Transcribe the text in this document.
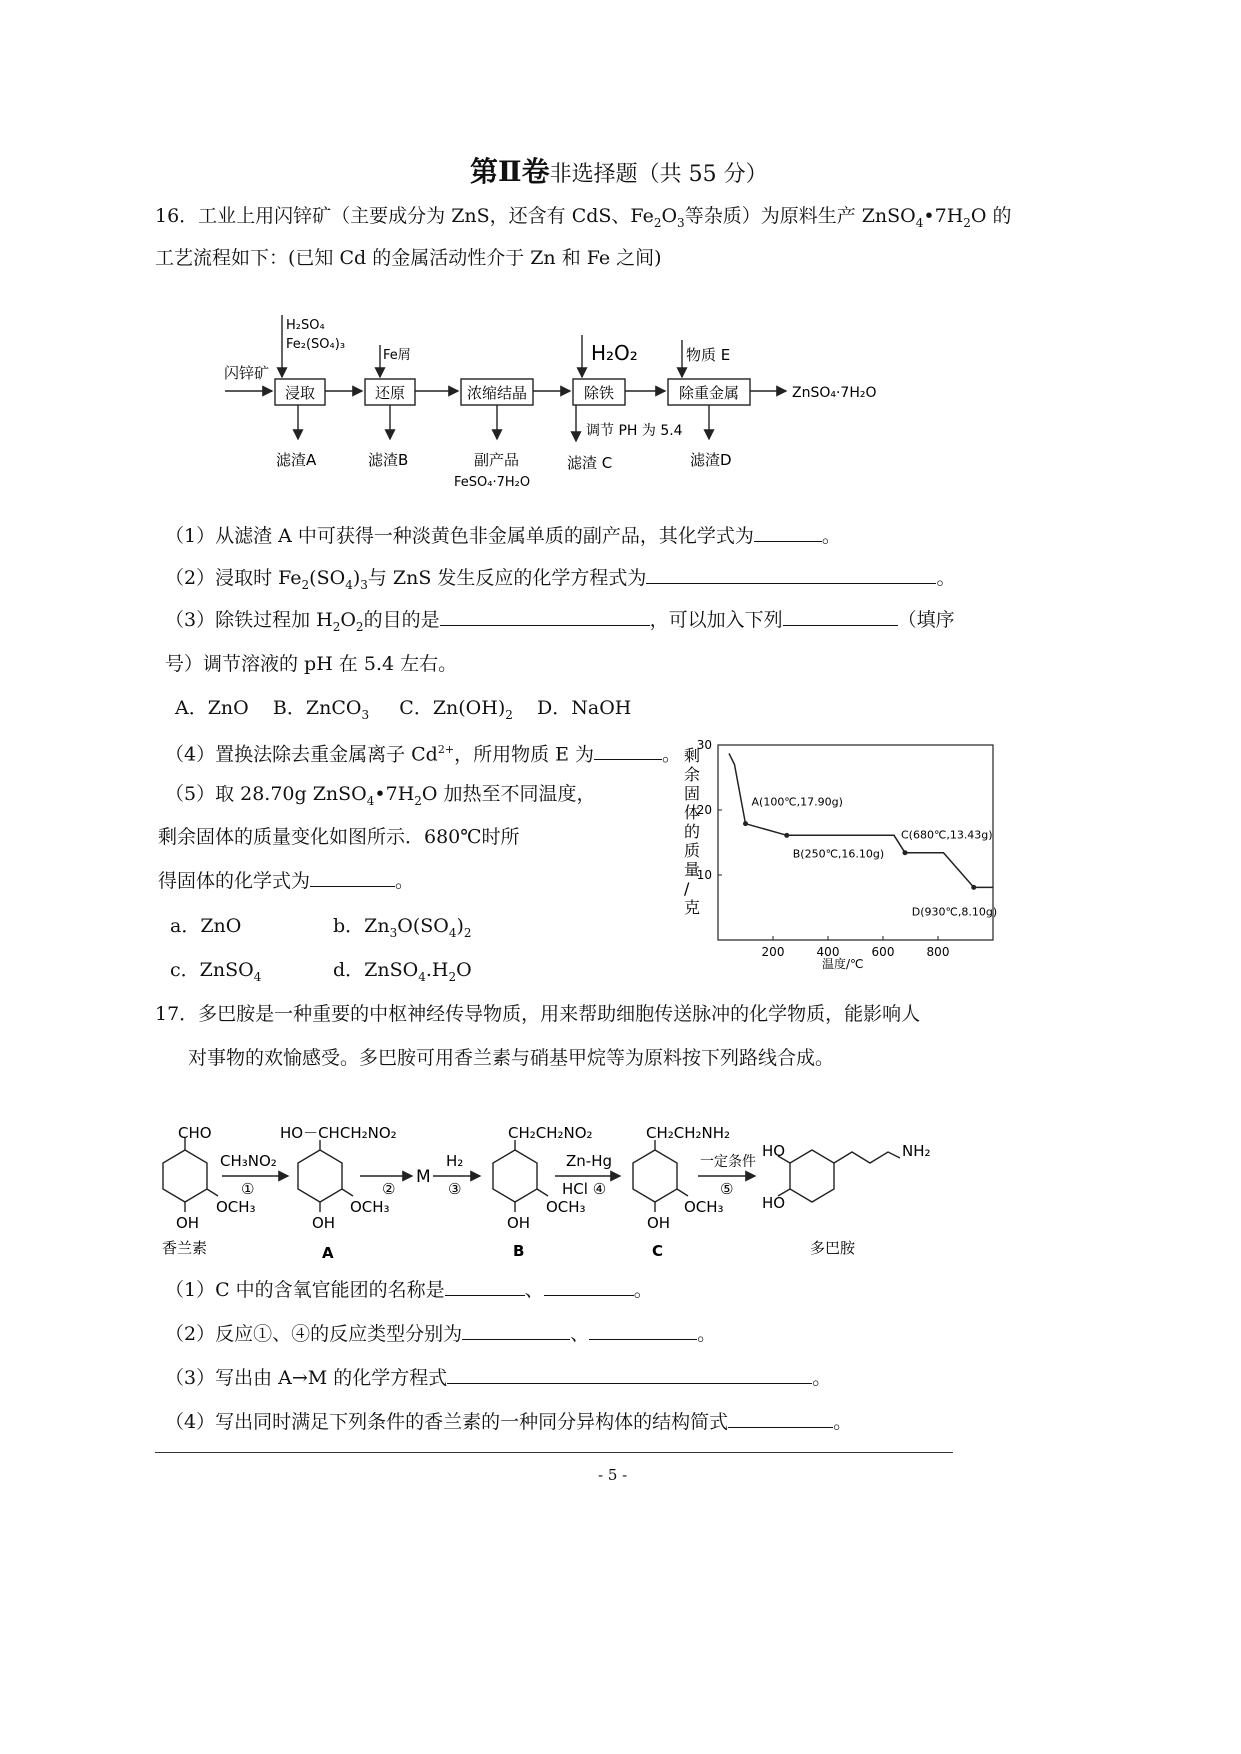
第Ⅱ卷非选择题（共 55 分）
16．工业上用闪锌矿（主要成分为 ZnS，还含有 CdS、$Fe_2O_3$等杂质）为原料生产 $ZnSO_4•7H_2O$ 的
工艺流程如下：(已知 Cd 的金属活动性介于 Zn 和 Fe 之间)
闪锌矿
浸取	还原	浓缩结晶	除铁	除重金属	ZnSO₄·7H₂O
H₂SO₄
Fe₂(SO₄)₃
Fe屑	H₂O₂	物质 E
滤渣A	滤渣B	副产品
FeSO₄·7H₂O
调节 PH 为 5.4
滤渣 C	滤渣D
（1）从滤渣 A 中可获得一种淡黄色非金属单质的副产品，其化学式为	。
（2）浸取时 $Fe_2(SO_4)_3$与 ZnS 发生反应的化学方程式为	。
（3）除铁过程加 $H_2O_2$的目的是	，可以加入下列	（填序
号）调节溶液的 pH 在 5.4 左右。
A．ZnO B．ZnCO$_3$ C．$Zn(OH)_2$ D．NaOH
（4）置换法除去重金属离子 $Cd^{2+}$，所用物质 E 为	。
（5）取 28.70g $ZnSO_4•7H_2O$ 加热至不同温度，
剩余固体的质量变化如图所示．680℃时所
得固体的化学式为	。
a．ZnO	b．$Zn_3O(SO_4)_2$
c．ZnSO$_4$	d．$ZnSO_4.H_2O$
剩余固体的质量/克
200	400	600	800
10
20
30
A(100℃,17.90g)
B(250℃,16.10g)
C(680℃,13.43g)
D(930℃,8.10g)
温度/℃
17．多巴胺是一种重要的中枢神经传导物质，用来帮助细胞传送脉冲的化学物质，能影响人
对事物的欢愉感受。多巴胺可用香兰素与硝基甲烷等为原料按下列路线合成。
CHO
OCH₃
OH
香兰素
CH₃NO₂
①
HO－CHCH₂NO₂
OCH₃
OH
A
②
M
H₂
③
CH₂CH₂NO₂
OCH₃
OH
B
Zn-Hg
HCl ④
CH₂CH₂NH₂
OCH₃
OH
C
一定条件
⑤
HO
HO
NH₂
多巴胺
（1）C 中的含氧官能团的名称是	、	。
（2）反应①、④的反应类型分别为	、	。
（3）写出由 A→M 的化学方程式	。
（4）写出同时满足下列条件的香兰素的一种同分异构体的结构简式	。
- 5 -
